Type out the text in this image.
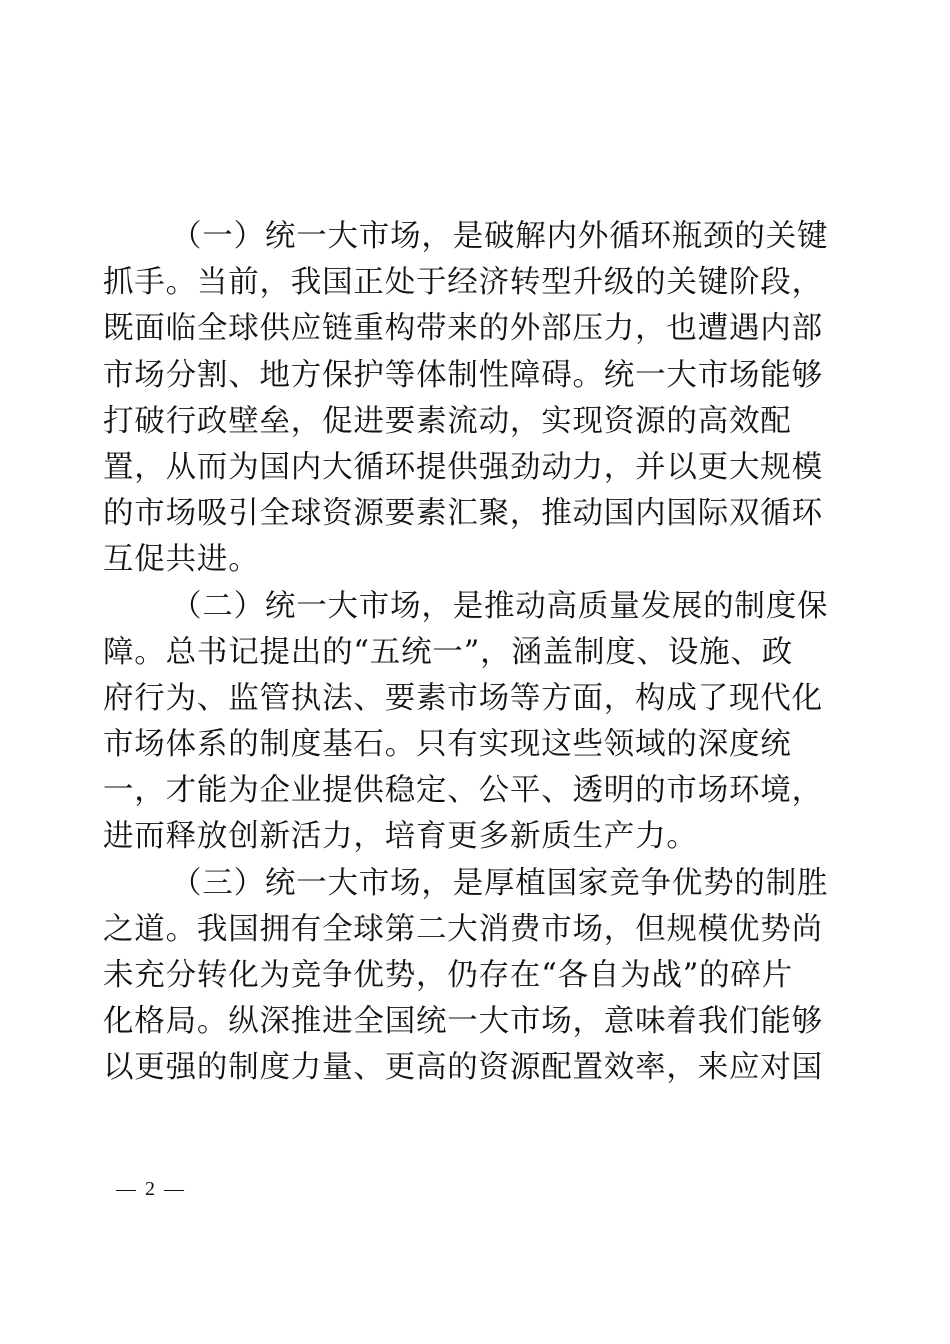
（一）统一大市场，是破解内外循环瓶颈的关键
抓手。当前，我国正处于经济转型升级的关键阶段，
既面临全球供应链重构带来的外部压力，也遭遇内部
市场分割、地方保护等体制性障碍。统一大市场能够
打破行政壁垒，促进要素流动，实现资源的高效配
置，从而为国内大循环提供强劲动力，并以更大规模
的市场吸引全球资源要素汇聚，推动国内国际双循环
互促共进。
（二）统一大市场，是推动高质量发展的制度保
障。总书记提出的“五统一”，涵盖制度、设施、政
府行为、监管执法、要素市场等方面，构成了现代化
市场体系的制度基石。只有实现这些领域的深度统
一，才能为企业提供稳定、公平、透明的市场环境，
进而释放创新活力，培育更多新质生产力。
（三）统一大市场，是厚植国家竞争优势的制胜
之道。我国拥有全球第二大消费市场，但规模优势尚
未充分转化为竞争优势，仍存在“各自为战”的碎片
化格局。纵深推进全国统一大市场，意味着我们能够
以更强的制度力量、更高的资源配置效率，来应对国
— 2 —
